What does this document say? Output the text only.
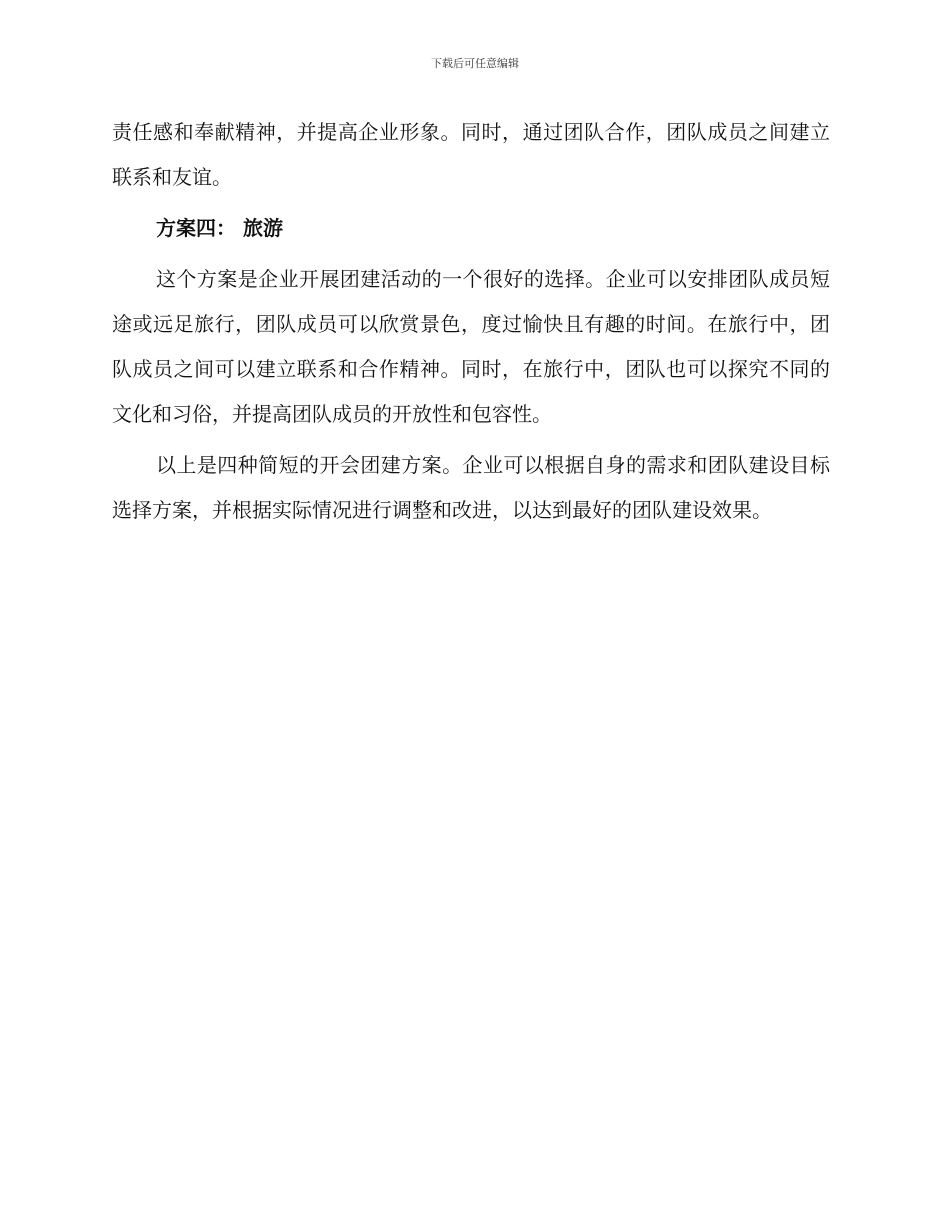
下载后可任意编辑

责任感和奉献精神，并提高企业形象。同时，通过团队合作，团队成员之间建立联系和友谊。

方案四： 旅游

这个方案是企业开展团建活动的一个很好的选择。企业可以安排团队成员短途或远足旅行，团队成员可以欣赏景色，度过愉快且有趣的时间。在旅行中，团队成员之间可以建立联系和合作精神。同时，在旅行中，团队也可以探究不同的文化和习俗，并提高团队成员的开放性和包容性。

以上是四种简短的开会团建方案。企业可以根据自身的需求和团队建设目标选择方案，并根据实际情况进行调整和改进，以达到最好的团队建设效果。
